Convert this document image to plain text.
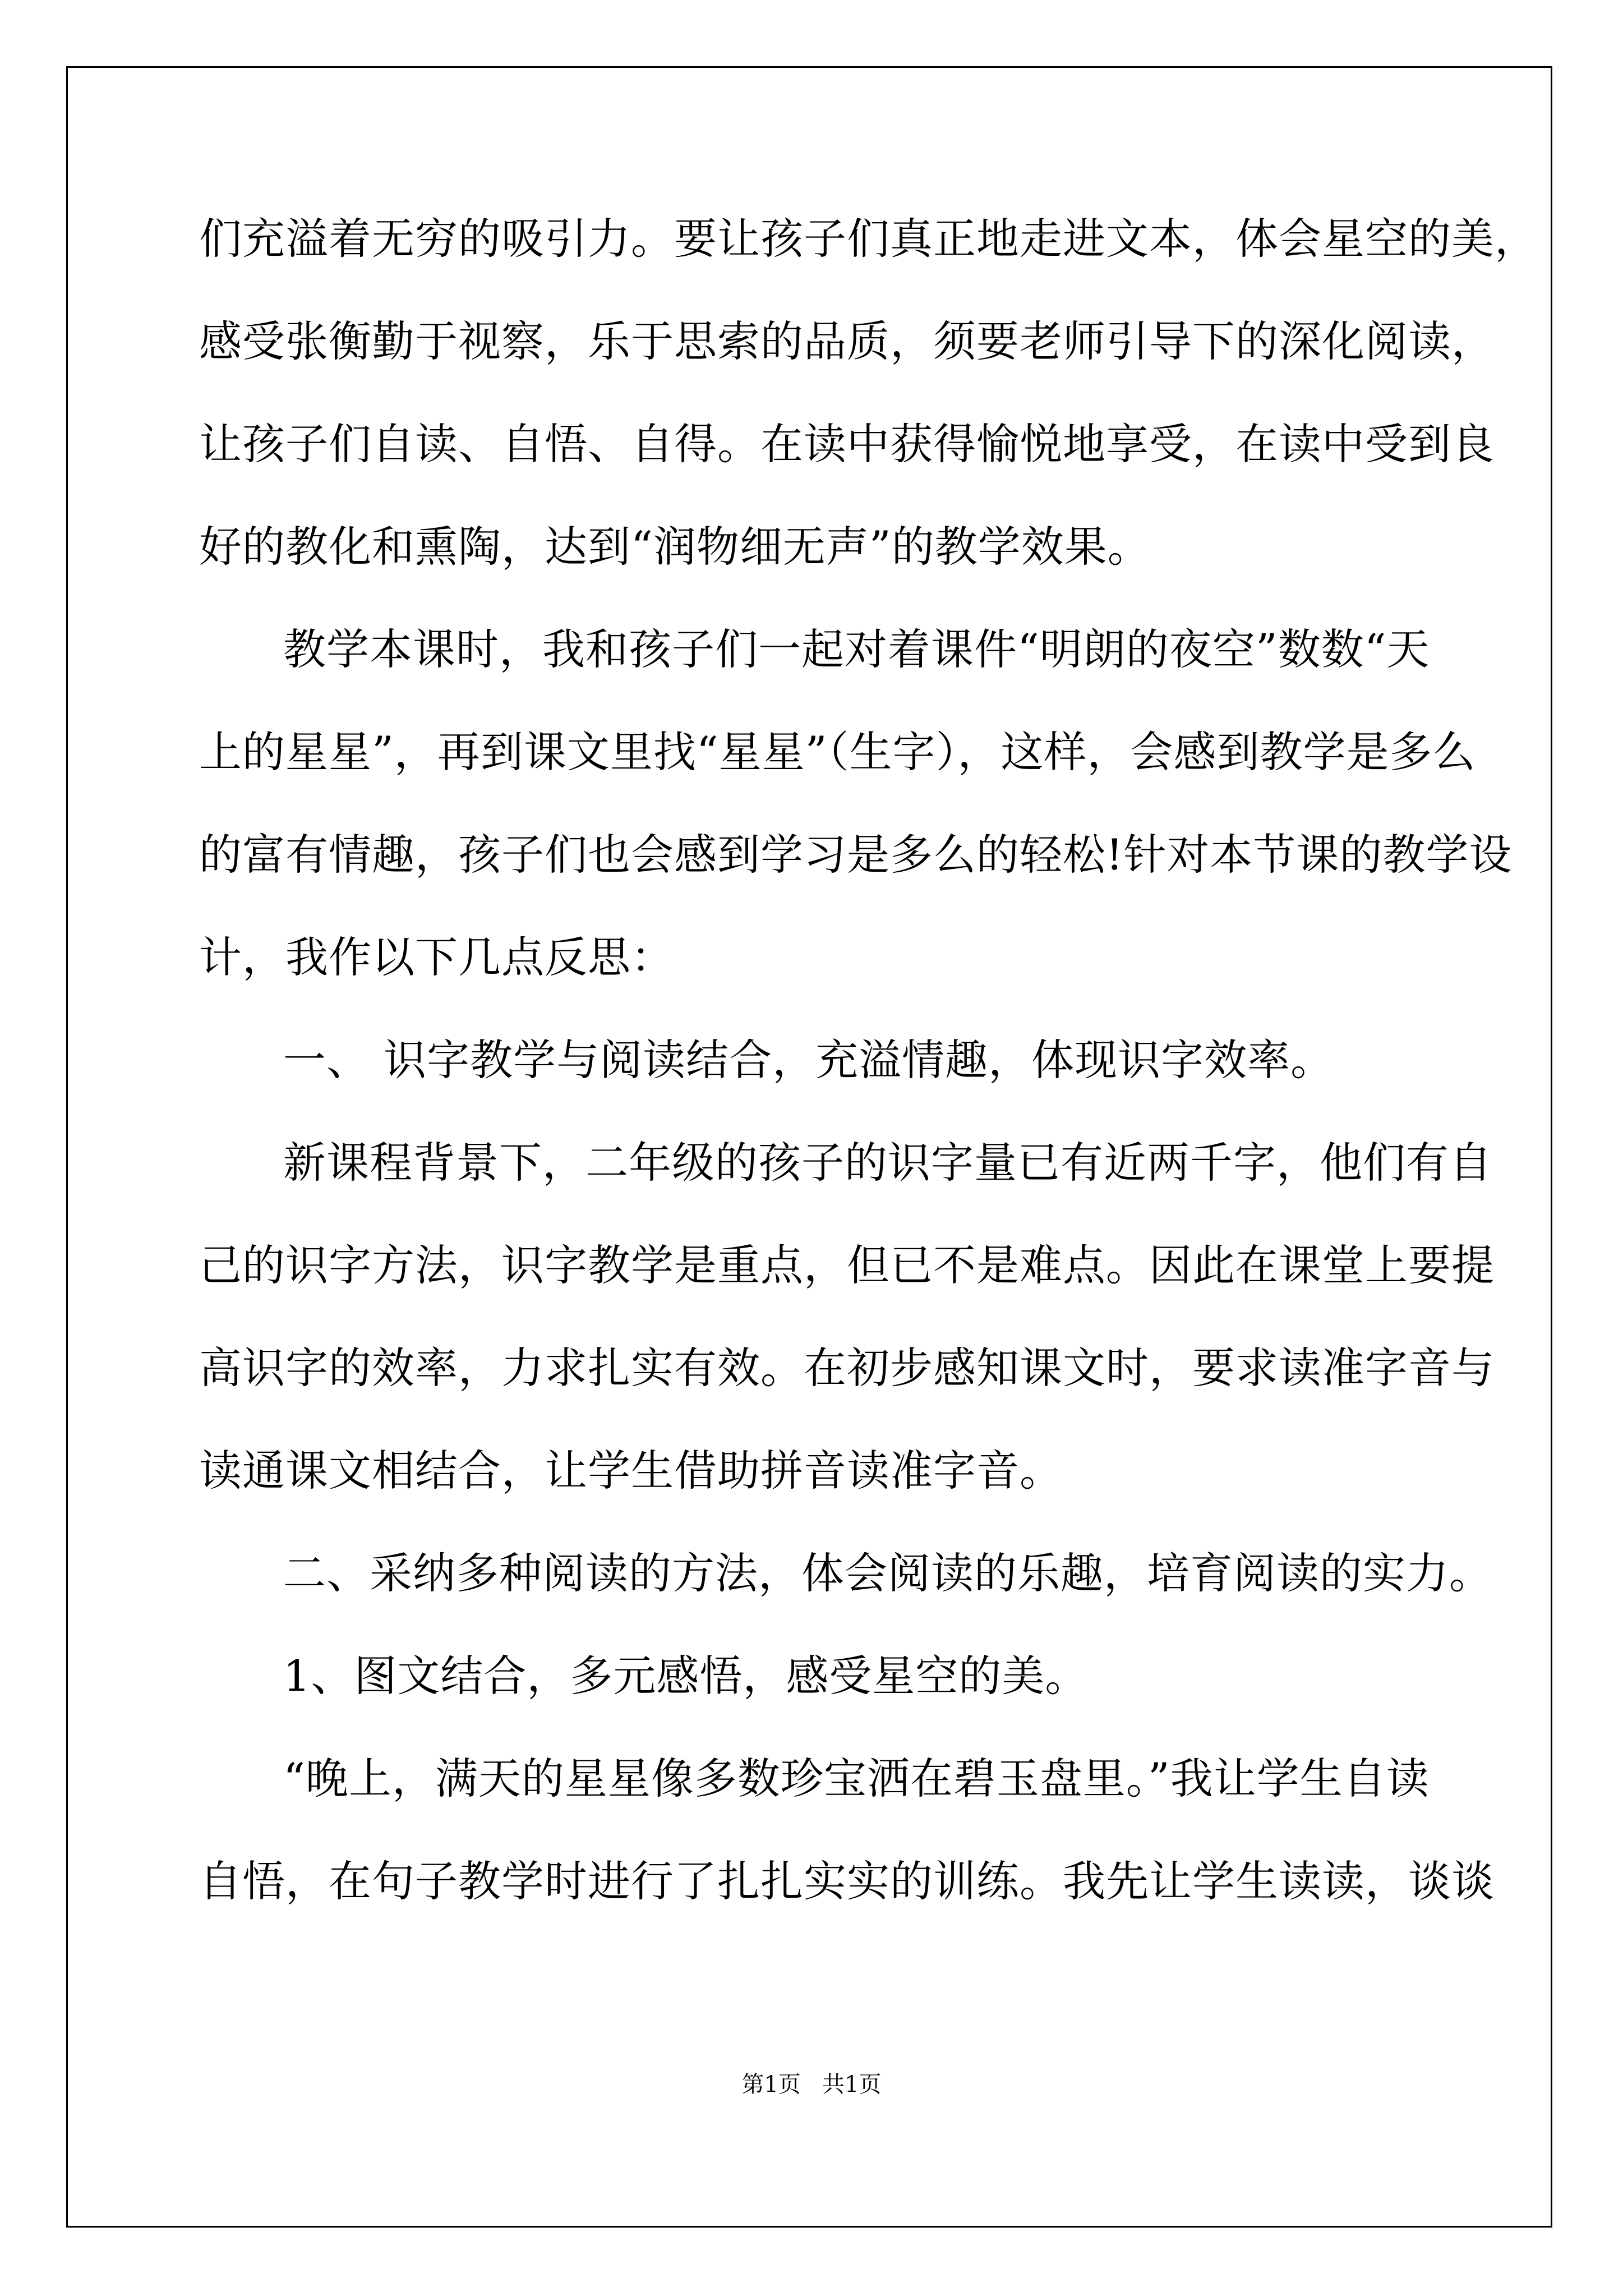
们充溢着无穷的吸引力。要让孩子们真正地走进文本，体会星空的美，
感受张衡勤于视察，乐于思索的品质，须要老师引导下的深化阅读，
让孩子们自读、自悟、自得。在读中获得愉悦地享受，在读中受到良
好的教化和熏陶，达到“润物细无声”的教学效果。
教学本课时，我和孩子们一起对着课件“明朗的夜空”数数“天
上的星星”，再到课文里找“星星”（生字），这样，会感到教学是多么
的富有情趣，孩子们也会感到学习是多么的轻松!针对本节课的教学设
计，我作以下几点反思：
一、 识字教学与阅读结合，充溢情趣，体现识字效率。
新课程背景下，二年级的孩子的识字量已有近两千字，他们有自
己的识字方法，识字教学是重点，但已不是难点。因此在课堂上要提
高识字的效率，力求扎实有效。在初步感知课文时，要求读准字音与
读通课文相结合，让学生借助拼音读准字音。
二、采纳多种阅读的方法，体会阅读的乐趣，培育阅读的实力。
1、图文结合，多元感悟，感受星空的美。
“晚上，满天的星星像多数珍宝洒在碧玉盘里。”我让学生自读
自悟，在句子教学时进行了扎扎实实的训练。我先让学生读读，谈谈
第1页   共1页
